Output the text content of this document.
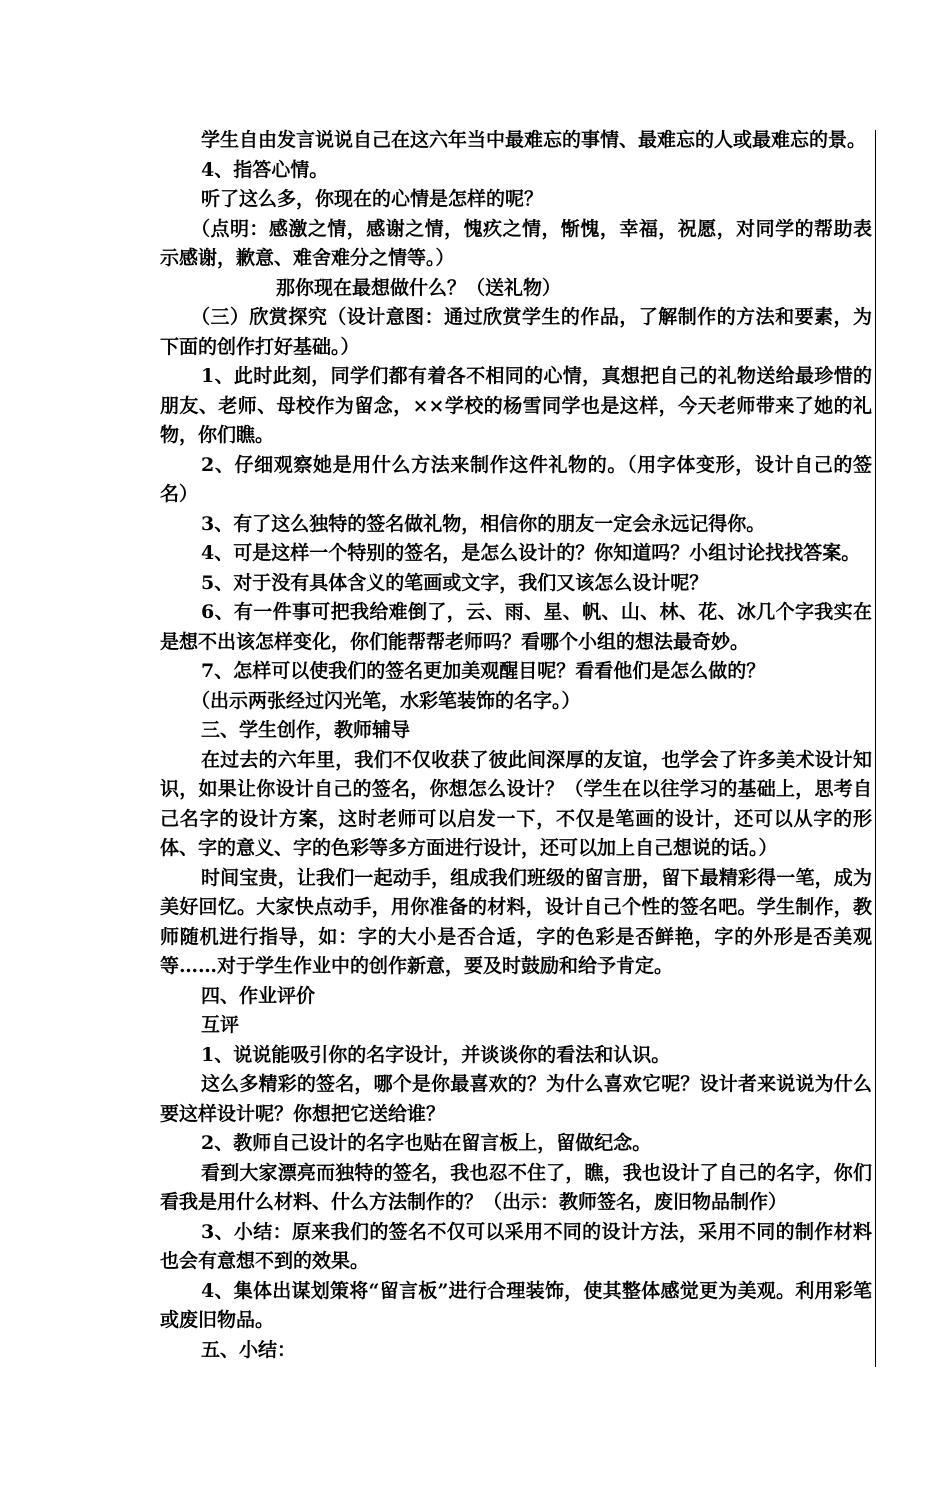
学生自由发言说说自己在这六年当中最难忘的事情、最难忘的人或最难忘的景。

4、指答心情。

听了这么多，你现在的心情是怎样的呢？

（点明：感激之情，感谢之情，愧疚之情，惭愧，幸福，祝愿，对同学的帮助表示感谢，歉意、难舍难分之情等。）

那你现在最想做什么？（送礼物）

（三）欣赏探究（设计意图：通过欣赏学生的作品，了解制作的方法和要素，为下面的创作打好基础。）

1、此时此刻，同学们都有着各不相同的心情，真想把自己的礼物送给最珍惜的朋友、老师、母校作为留念，××学校的杨雪同学也是这样，今天老师带来了她的礼物，你们瞧。

2、仔细观察她是用什么方法来制作这件礼物的。（用字体变形，设计自己的签名）

3、有了这么独特的签名做礼物，相信你的朋友一定会永远记得你。

4、可是这样一个特别的签名，是怎么设计的？你知道吗？小组讨论找找答案。

5、对于没有具体含义的笔画或文字，我们又该怎么设计呢？

6、有一件事可把我给难倒了，云、雨、星、帆、山、林、花、冰几个字我实在是想不出该怎样变化，你们能帮帮老师吗？看哪个小组的想法最奇妙。

7、怎样可以使我们的签名更加美观醒目呢？看看他们是怎么做的？

（出示两张经过闪光笔，水彩笔装饰的名字。）

三、学生创作，教师辅导

在过去的六年里，我们不仅收获了彼此间深厚的友谊，也学会了许多美术设计知识，如果让你设计自己的签名，你想怎么设计？（学生在以往学习的基础上，思考自己名字的设计方案，这时老师可以启发一下，不仅是笔画的设计，还可以从字的形体、字的意义、字的色彩等多方面进行设计，还可以加上自己想说的话。）

时间宝贵，让我们一起动手，组成我们班级的留言册，留下最精彩得一笔，成为美好回忆。大家快点动手，用你准备的材料，设计自己个性的签名吧。学生制作，教师随机进行指导，如：字的大小是否合适，字的色彩是否鲜艳，字的外形是否美观等……对于学生作业中的创作新意，要及时鼓励和给予肯定。

四、作业评价

互评

1、说说能吸引你的名字设计，并谈谈你的看法和认识。

这么多精彩的签名，哪个是你最喜欢的？为什么喜欢它呢？设计者来说说为什么要这样设计呢？你想把它送给谁？

2、教师自己设计的名字也贴在留言板上，留做纪念。

看到大家漂亮而独特的签名，我也忍不住了，瞧，我也设计了自己的名字，你们看我是用什么材料、什么方法制作的？（出示：教师签名，废旧物品制作）

3、小结：原来我们的签名不仅可以采用不同的设计方法，采用不同的制作材料也会有意想不到的效果。

4、集体出谋划策将“留言板”进行合理装饰，使其整体感觉更为美观。利用彩笔或废旧物品。

五、小结：
